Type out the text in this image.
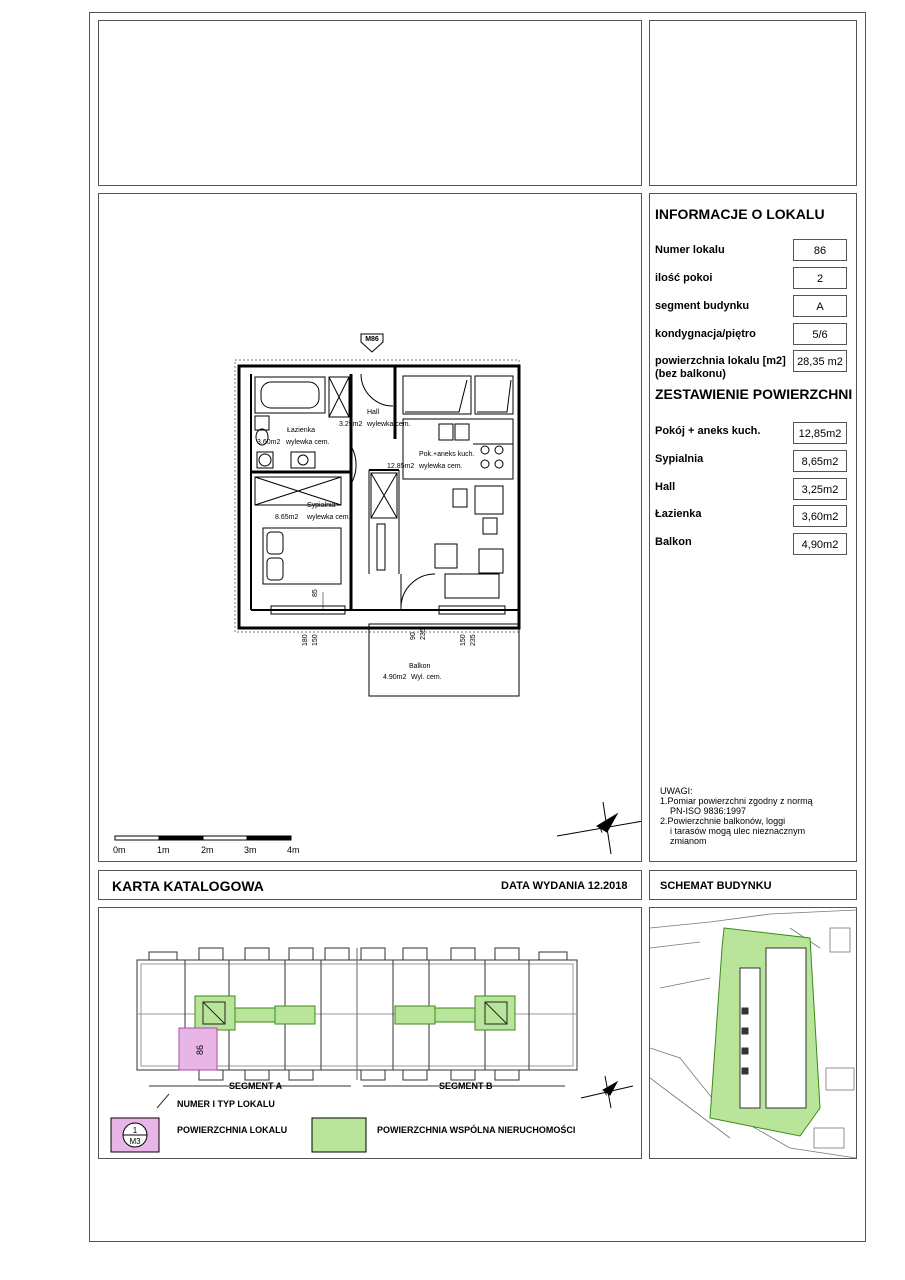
M86
Hall
3.25m2 wylewka cem.
Łazienka
3.60m2 wylewka cem.
Pok.+aneks kuch.
12.85m2 wylewka cem.
Sypialnia
8.65m2 wylewka cem.
Balkon
4.90m2 Wyl. cem.
180 150	90 235
150 235
85
0m	1m	2m	3m	4m
N
INFORMACJE O LOKALU
Numer lokalu	86
ilość pokoi	2
segment budynku	A
kondygnacja/piętro	5/6
powierzchnia lokalu [m2]
(bez balkonu)
28,35 m2
ZESTAWIENIE POWIERZCHNI
Pokój + aneks kuch.	12,85m2
Sypialnia	8,65m2
Hall	3,25m2
Łazienka	3,60m2
Balkon	4,90m2
UWAGI:
1.Pomiar powierzchni zgodny z normą
PN-ISO 9836:1997
2.Powierzchnie balkonów, loggi
i tarasów mogą ulec nieznacznym
zmianom
KARTA KATALOGOWA	DATA WYDANIA 12.2018	SCHEMAT BUDYNKU
86
SEGMENT A	SEGMENT B	N
NUMER I TYP LOKALU
1
M3
POWIERZCHNIA LOKALU	POWIERZCHNIA WSPÓLNA NIERUCHOMOŚCI
